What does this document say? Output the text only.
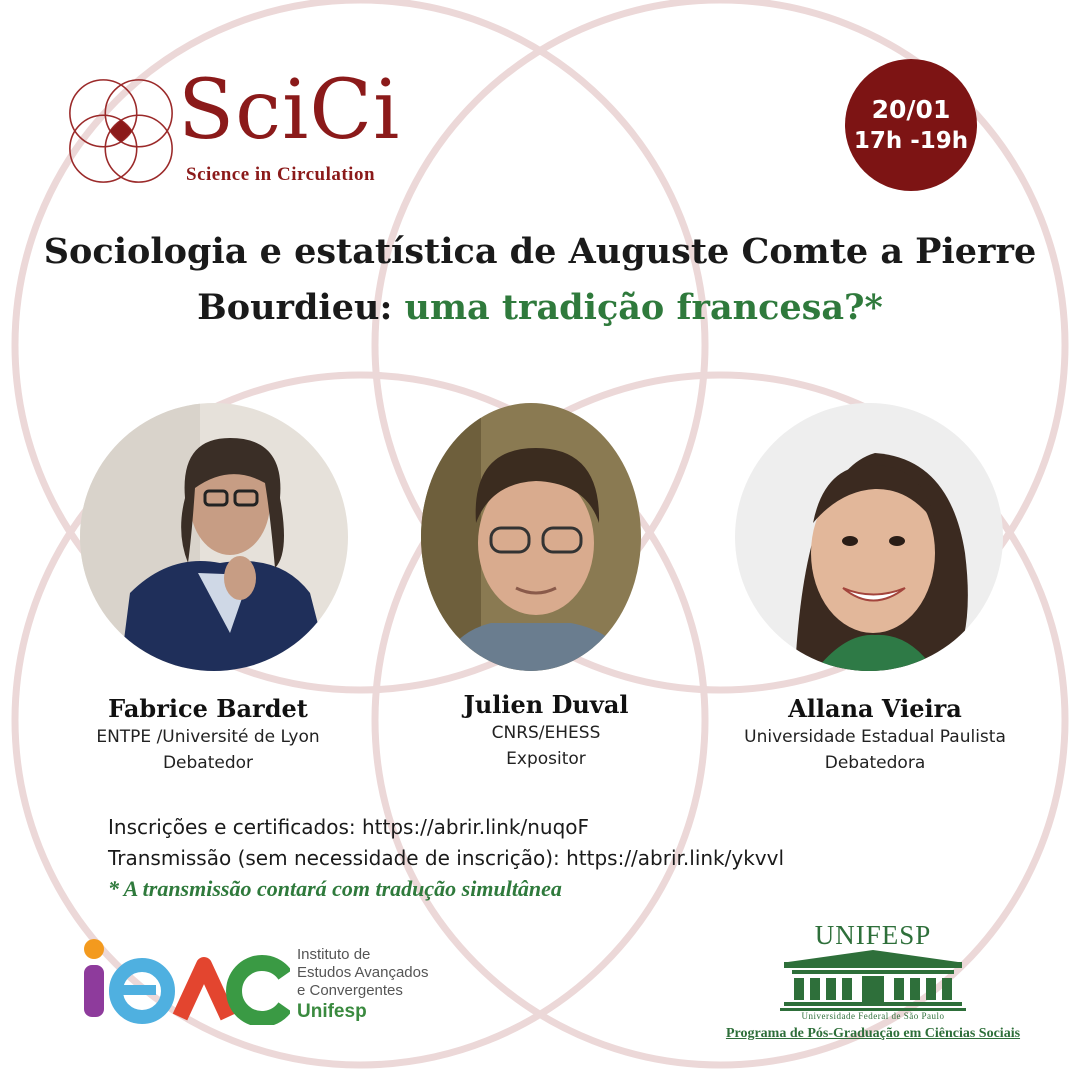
SciCi
Science in Circulation
20/01
17h -19h
Sociologia e estatística de Auguste Comte a Pierre Bourdieu: uma tradição francesa?*
Fabrice Bardet
ENTPE /Université de Lyon
Debatedor
Julien Duval
CNRS/EHESS
Expositor
Allana Vieira
Universidade Estadual Paulista
Debatedora
Inscrições e certificados: https://abrir.link/nuqoF
Transmissão (sem necessidade de inscrição): https://abrir.link/ykvvl
* A transmissão contará com tradução simultânea
Instituto de
Estudos Avançados
e Convergentes
Unifesp
UNIFESP
Universidade Federal de São Paulo
Programa de Pós-Graduação em Ciências Sociais
